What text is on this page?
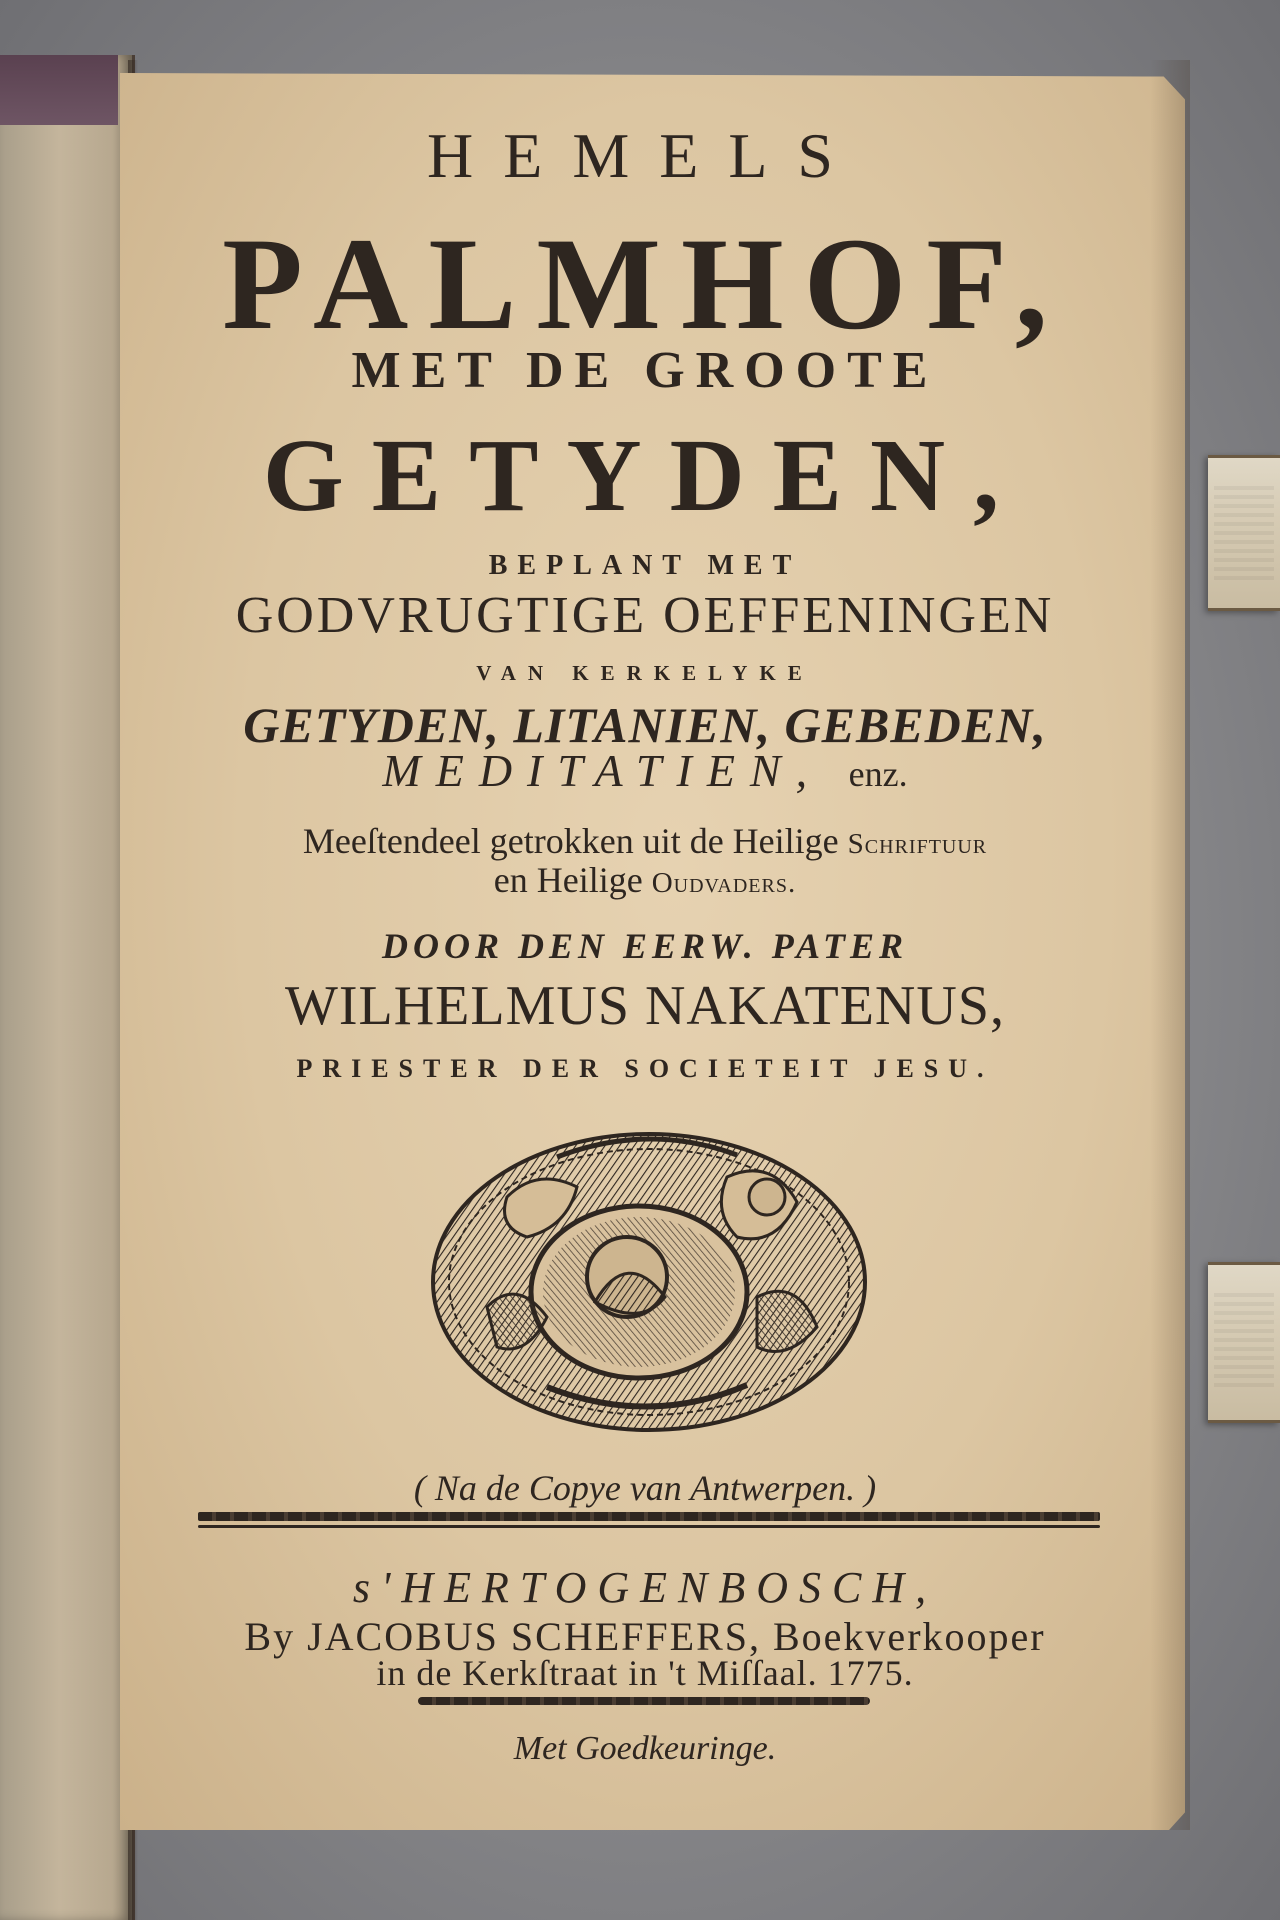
HEMELS
PALMHOF,
MET DE GROOTE
GETYDEN,
BEPLANT MET
GODVRUGTIGE OEFFENINGEN
VAN KERKELYKE
GETYDEN, LITANIEN, GEBEDEN,
MEDITATIEN, enz.
Meeſtendeel getrokken uit de Heilige Schriftuur
en Heilige Oudvaders.
DOOR DEN EERW. PATER
WILHELMUS NAKATENUS,
PRIESTER DER SOCIETEIT JESU.
( Na de Copye van Antwerpen. )
s'HERTOGENBOSCH,
By JACOBUS SCHEFFERS, Boekverkooper
in de Kerkſtraat in 't Miſſaal. 1775.
Met Goedkeuringe.
